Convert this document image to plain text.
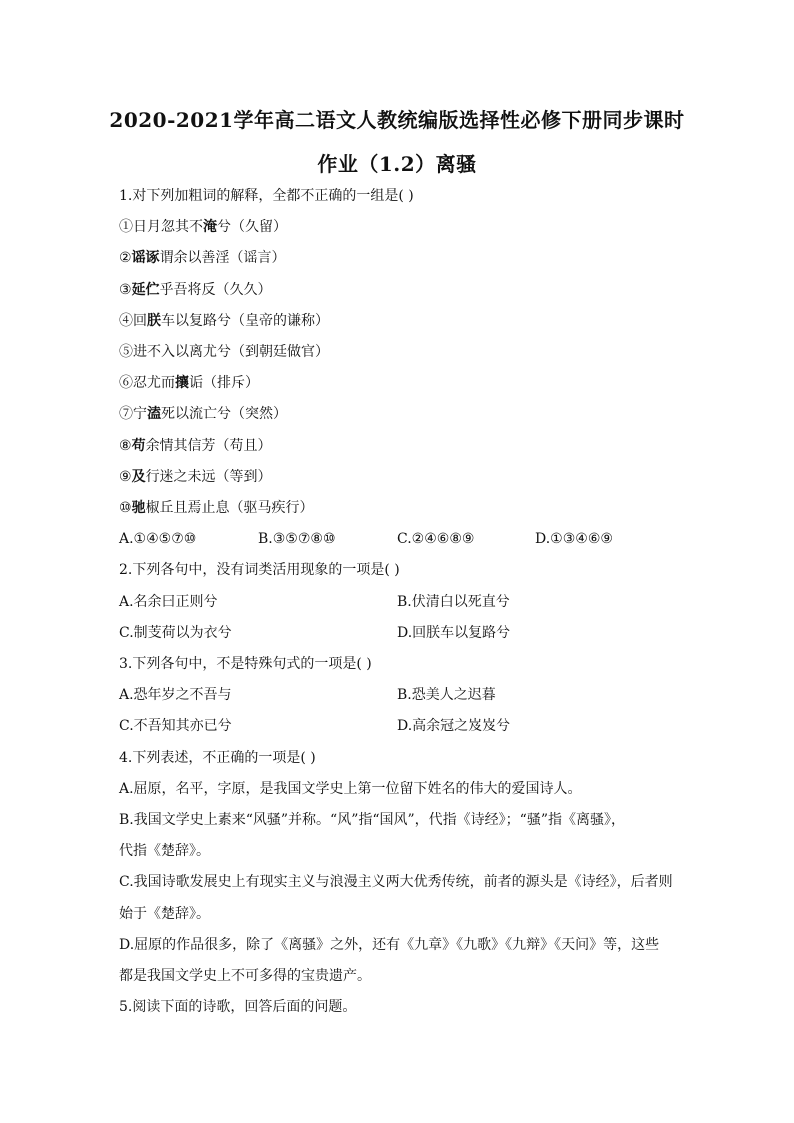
2020-2021学年高二语文人教统编版选择性必修下册同步课时
作业（1.2）离骚
1.对下列加粗词的解释，全都不正确的一组是( )
①日月忽其不淹兮（久留）
②谣诼谓余以善淫（谣言）
③延伫乎吾将反（久久）
④回朕车以复路兮（皇帝的谦称）
⑤进不入以离尤兮（到朝廷做官）
⑥忍尤而攘诟（排斥）
⑦宁溘死以流亡兮（突然）
⑧苟余情其信芳（苟且）
⑨及行迷之未远（等到）
⑩驰椒丘且焉止息（驱马疾行）
A.①④⑤⑦⑩	B.③⑤⑦⑧⑩	C.②④⑥⑧⑨	D.①③④⑥⑨
2.下列各句中，没有词类活用现象的一项是( )
A.名余曰正则兮	B.伏清白以死直兮
C.制芰荷以为衣兮	D.回朕车以复路兮
3.下列各句中，不是特殊句式的一项是( )
A.恐年岁之不吾与	B.恐美人之迟暮
C.不吾知其亦已兮	D.高余冠之岌岌兮
4.下列表述，不正确的一项是( )
A.屈原，名平，字原，是我国文学史上第一位留下姓名的伟大的爱国诗人。
B.我国文学史上素来“风骚”并称。“风”指“国风”，代指《诗经》；“骚”指《离骚》，
代指《楚辞》。
C.我国诗歌发展史上有现实主义与浪漫主义两大优秀传统，前者的源头是《诗经》，后者则
始于《楚辞》。
D.屈原的作品很多，除了《离骚》之外，还有《九章》《九歌》《九辩》《天问》等，这些
都是我国文学史上不可多得的宝贵遗产。
5.阅读下面的诗歌，回答后面的问题。
